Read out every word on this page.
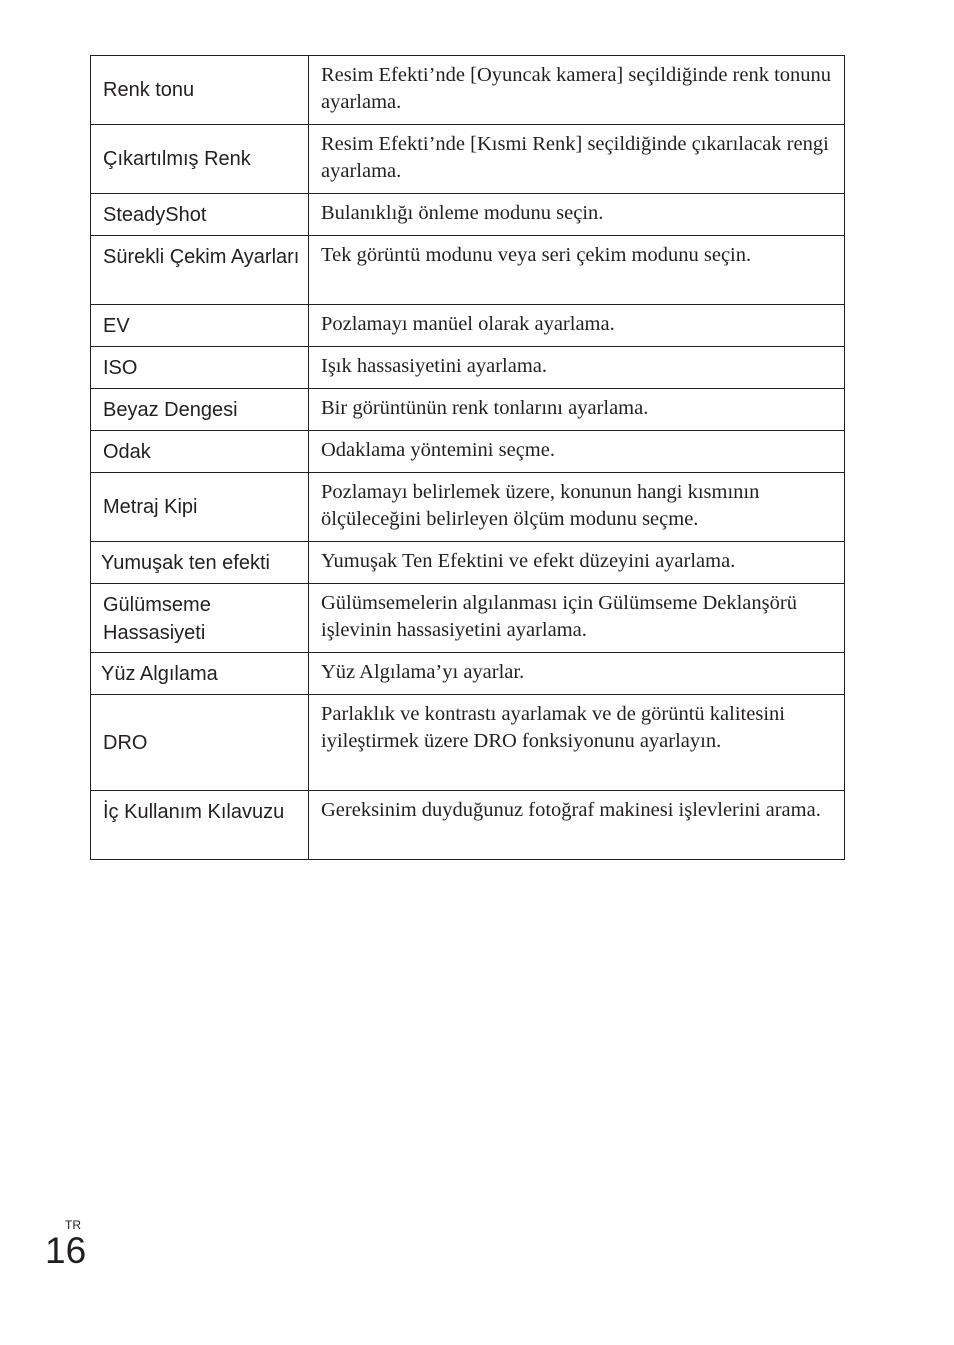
Renk tonu	Resim Efekti’nde [Oyuncak kamera] seçildiğinde renk tonunu ayarlama.
Çıkartılmış Renk	Resim Efekti’nde [Kısmi Renk] seçildiğinde çıkarılacak rengi ayarlama.
SteadyShot	Bulanıklığı önleme modunu seçin.
Sürekli Çekim Ayarları	Tek görüntü modunu veya seri çekim modunu seçin.
EV	Pozlamayı manüel olarak ayarlama.
ISO	Işık hassasiyetini ayarlama.
Beyaz Dengesi	Bir görüntünün renk tonlarını ayarlama.
Odak	Odaklama yöntemini seçme.
Metraj Kipi	Pozlamayı belirlemek üzere, konunun hangi kısmının ölçüleceğini belirleyen ölçüm modunu seçme.
Yumuşak ten efekti	Yumuşak Ten Efektini ve efekt düzeyini ayarlama.
Gülümseme Hassasiyeti	Gülümsemelerin algılanması için Gülümseme Deklanşörü işlevinin hassasiyetini ayarlama.
Yüz Algılama	Yüz Algılama’yı ayarlar.
DRO	Parlaklık ve kontrastı ayarlamak ve de görüntü kalitesini iyileştirmek üzere DRO fonksiyonunu ayarlayın.
İç Kullanım Kılavuzu	Gereksinim duyduğunuz fotoğraf makinesi işlevlerini arama.
TR
16
